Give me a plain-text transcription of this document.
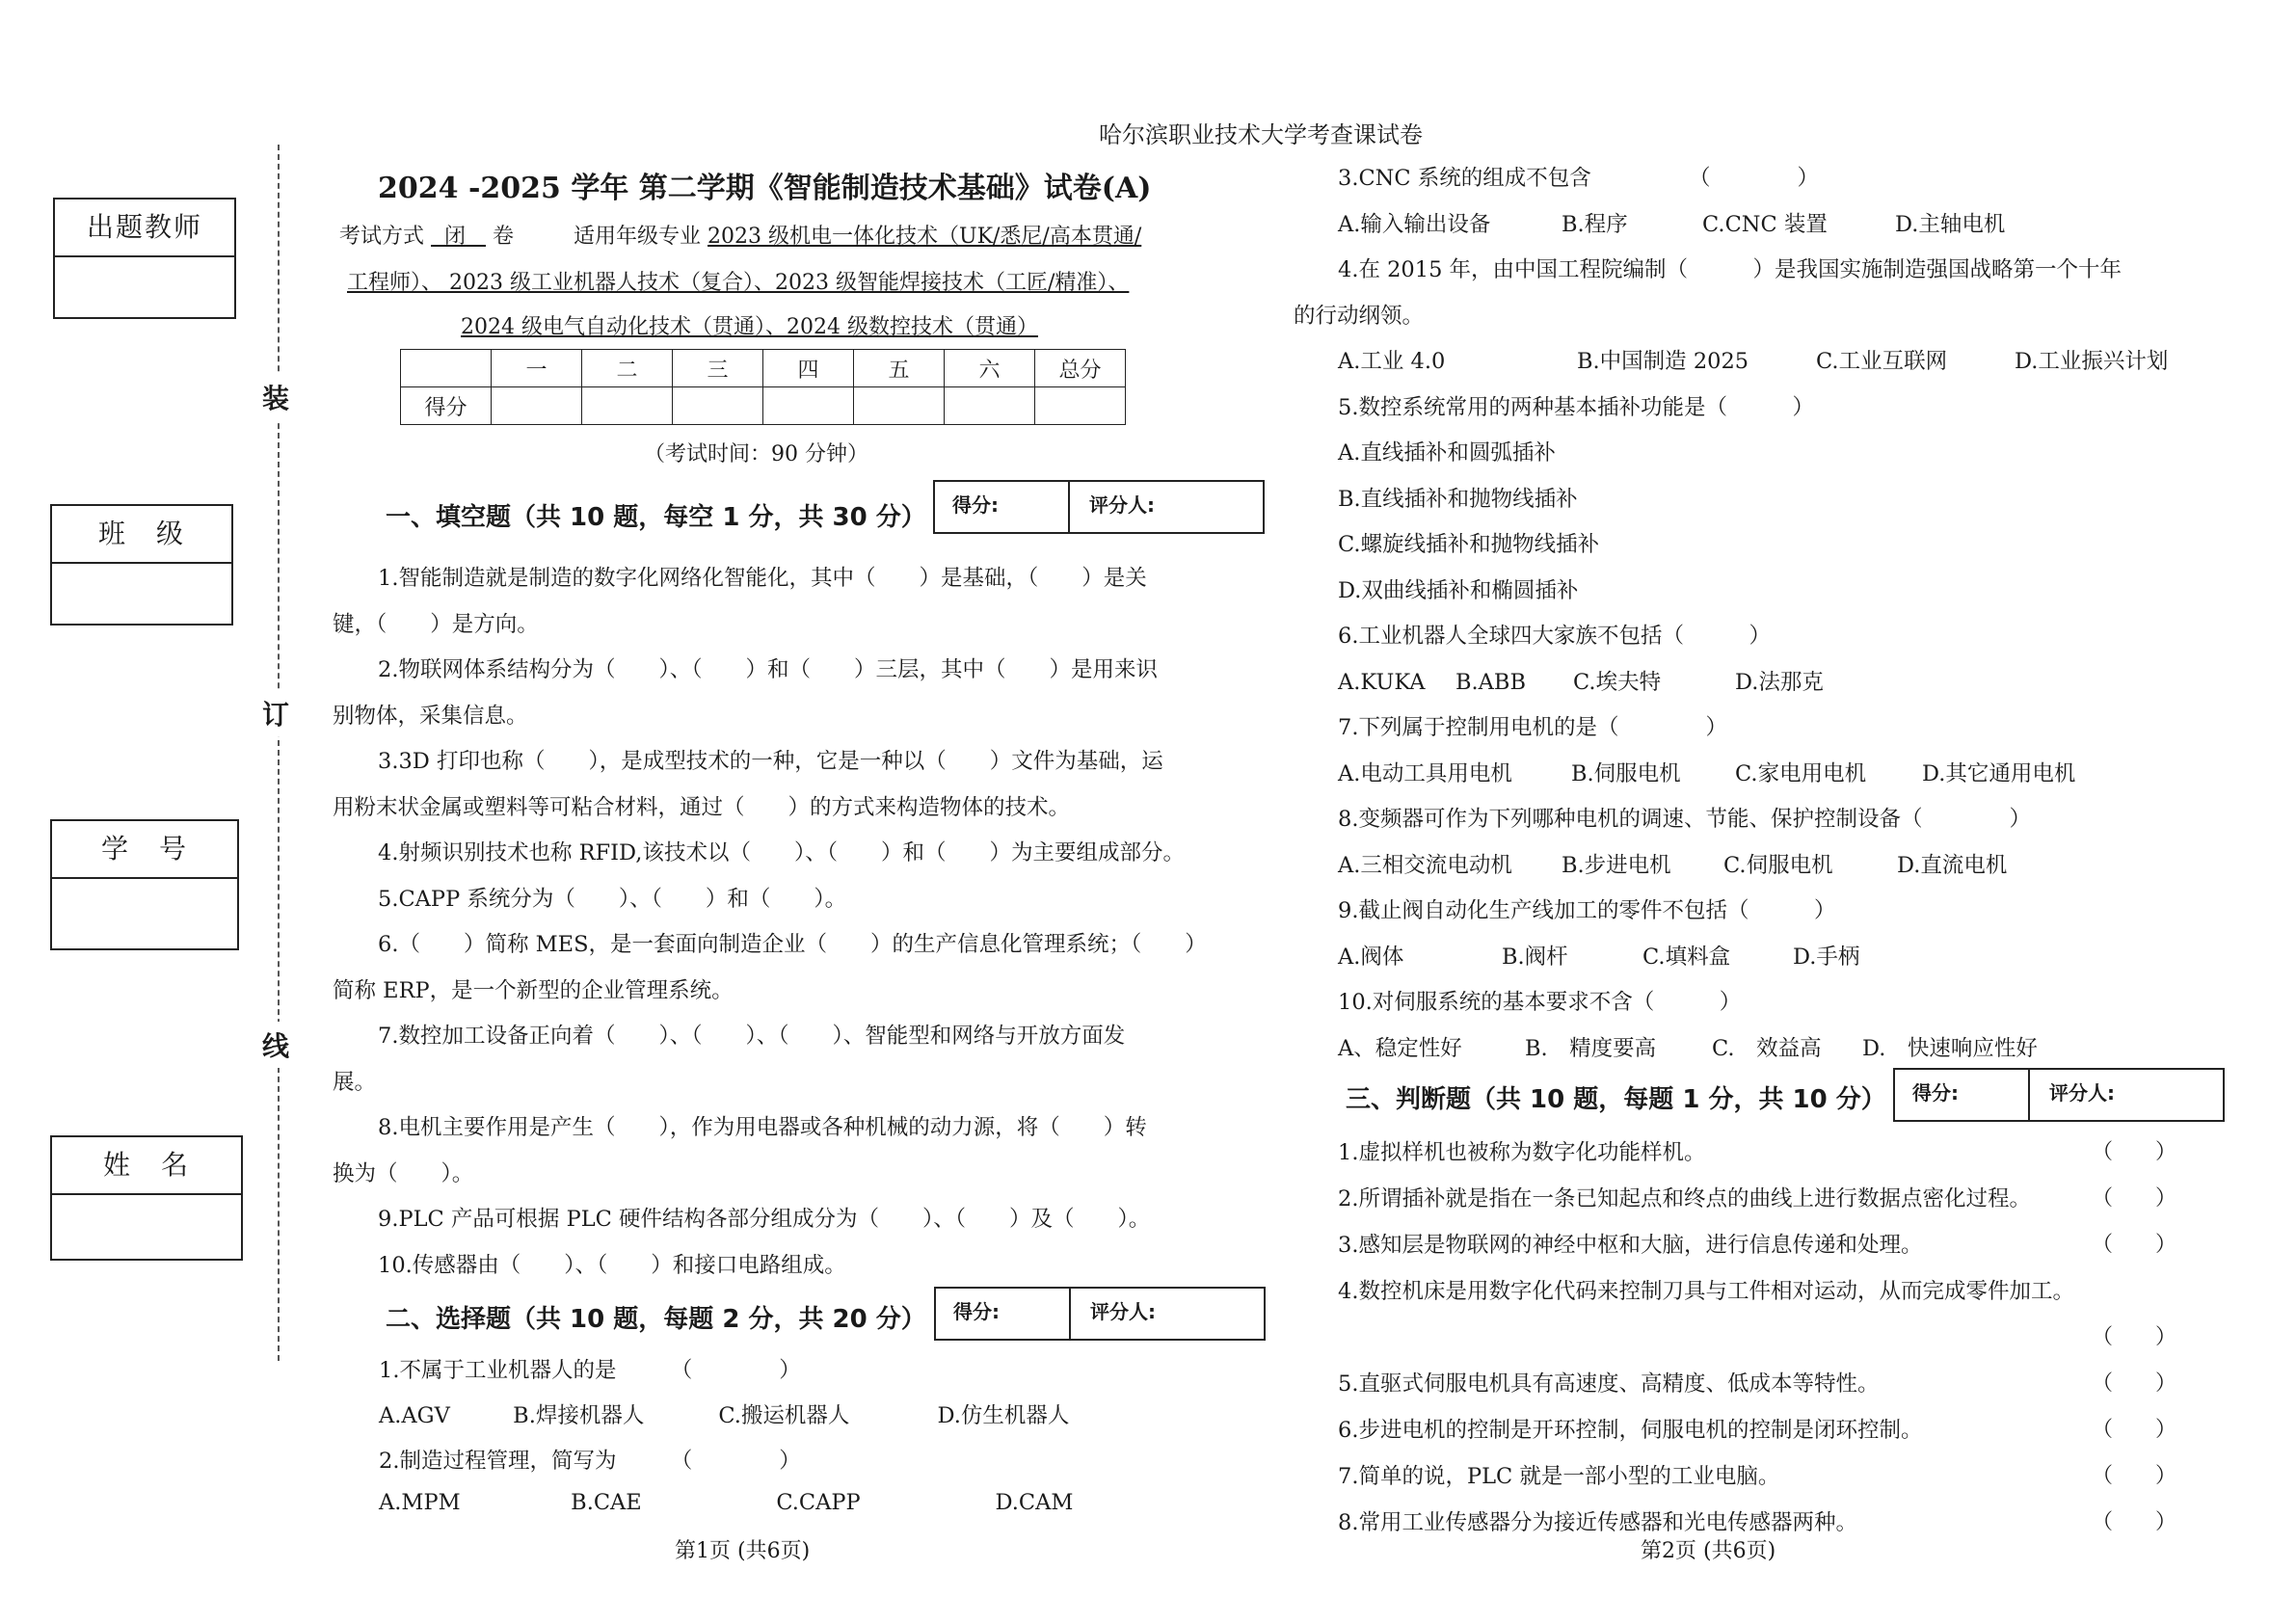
哈尔滨职业技术大学考查课试卷
出题教师
班　级
学　号
姓　名
装
订
线
2024 -2025 学年 第二学期《智能制造技术基础》试卷(A)
考试方式 闭 卷	适用年级专业 2023 级机电一体化技术（UK/悉尼/高本贯通/
工程师）、 2023 级工业机器人技术（复合）、2023 级智能焊接技术（工匠/精准）、
2024 级电气自动化技术（贯通）、2024 级数控技术（贯通）
	一	二	三	四	五	六	总分
得分							
（考试时间：90 分钟）
一、填空题（共 10 题，每空 1 分，共 30 分）	得分:	评分人:
1.智能制造就是制造的数字化网络化智能化，其中（　　）是基础，（　　）是关
键，（　　）是方向。
2.物联网体系结构分为（　　）、（　　）和（　　）三层，其中（　　）是用来识
别物体，采集信息。
3.3D 打印也称（　　），是成型技术的一种，它是一种以（　　）文件为基础，运
用粉末状金属或塑料等可粘合材料，通过（　　）的方式来构造物体的技术。
4.射频识别技术也称 RFID,该技术以（　　）、（　　）和（　　）为主要组成部分。
5.CAPP 系统分为（　　）、（　　）和（　　）。
6.（　　）简称 MES，是一套面向制造企业（　　）的生产信息化管理系统；（　　）
简称 ERP，是一个新型的企业管理系统。
7.数控加工设备正向着（　　）、（　　）、（　　）、智能型和网络与开放方面发
展。
8.电机主要作用是产生（　　），作为用电器或各种机械的动力源，将（　　）转
换为（　　）。
9.PLC 产品可根据 PLC 硬件结构各部分组成分为（　　）、（　　）及（　　）。
10.传感器由（　　）、（　　）和接口电路组成。
二、选择题（共 10 题，每题 2 分，共 20 分）	得分:	评分人:
1.不属于工业机器人的是　　　（　　　　）
A.AGV	B.焊接机器人	C.搬运机器人	D.仿生机器人
2.制造过程管理，简写为　　　（　　　　）
A.MPM	B.CAE	C.CAPP	D.CAM
第1页 (共6页)
3.CNC 系统的组成不包含　　　　　（　　　　）
A.输入输出设备	B.程序	C.CNC 装置	D.主轴电机
4.在 2015 年，由中国工程院编制（　　　）是我国实施制造强国战略第一个十年
的行动纲领。
A.工业 4.0	B.中国制造 2025	C.工业互联网	D.工业振兴计划
5.数控系统常用的两种基本插补功能是（　　　）
A.直线插补和圆弧插补
B.直线插补和抛物线插补
C.螺旋线插补和抛物线插补
D.双曲线插补和椭圆插补
6.工业机器人全球四大家族不包括（　　　）
A.KUKA B.ABB C.埃夫特	D.法那克
7.下列属于控制用电机的是（　　　　）
A.电动工具用电机	B.伺服电机	C.家电用电机	D.其它通用电机
8.变频器可作为下列哪种电机的调速、节能、保护控制设备（　　　　）
A.三相交流电动机 B.步进电机 C.伺服电机	D.直流电机
9.截止阀自动化生产线加工的零件不包括（　　　）
A.阀体	B.阀杆	C.填料盒	D.手柄
10.对伺服系统的基本要求不含（　　　）
A、稳定性好	B.　精度要高	C.　效益高 D.　快速响应性好
三、判断题（共 10 题，每题 1 分，共 10 分）	得分:	评分人:
1.虚拟样机也被称为数字化功能样机。	（　　）
2.所谓插补就是指在一条已知起点和终点的曲线上进行数据点密化过程。	（　　）
3.感知层是物联网的神经中枢和大脑，进行信息传递和处理。	（　　）
4.数控机床是用数字化代码来控制刀具与工件相对运动，从而完成零件加工。
（　　）
5.直驱式伺服电机具有高速度、高精度、低成本等特性。	（　　）
6.步进电机的控制是开环控制，伺服电机的控制是闭环控制。	（　　）
7.简单的说，PLC 就是一部小型的工业电脑。	（　　）
8.常用工业传感器分为接近传感器和光电传感器两种。	（　　）
第2页 (共6页)
